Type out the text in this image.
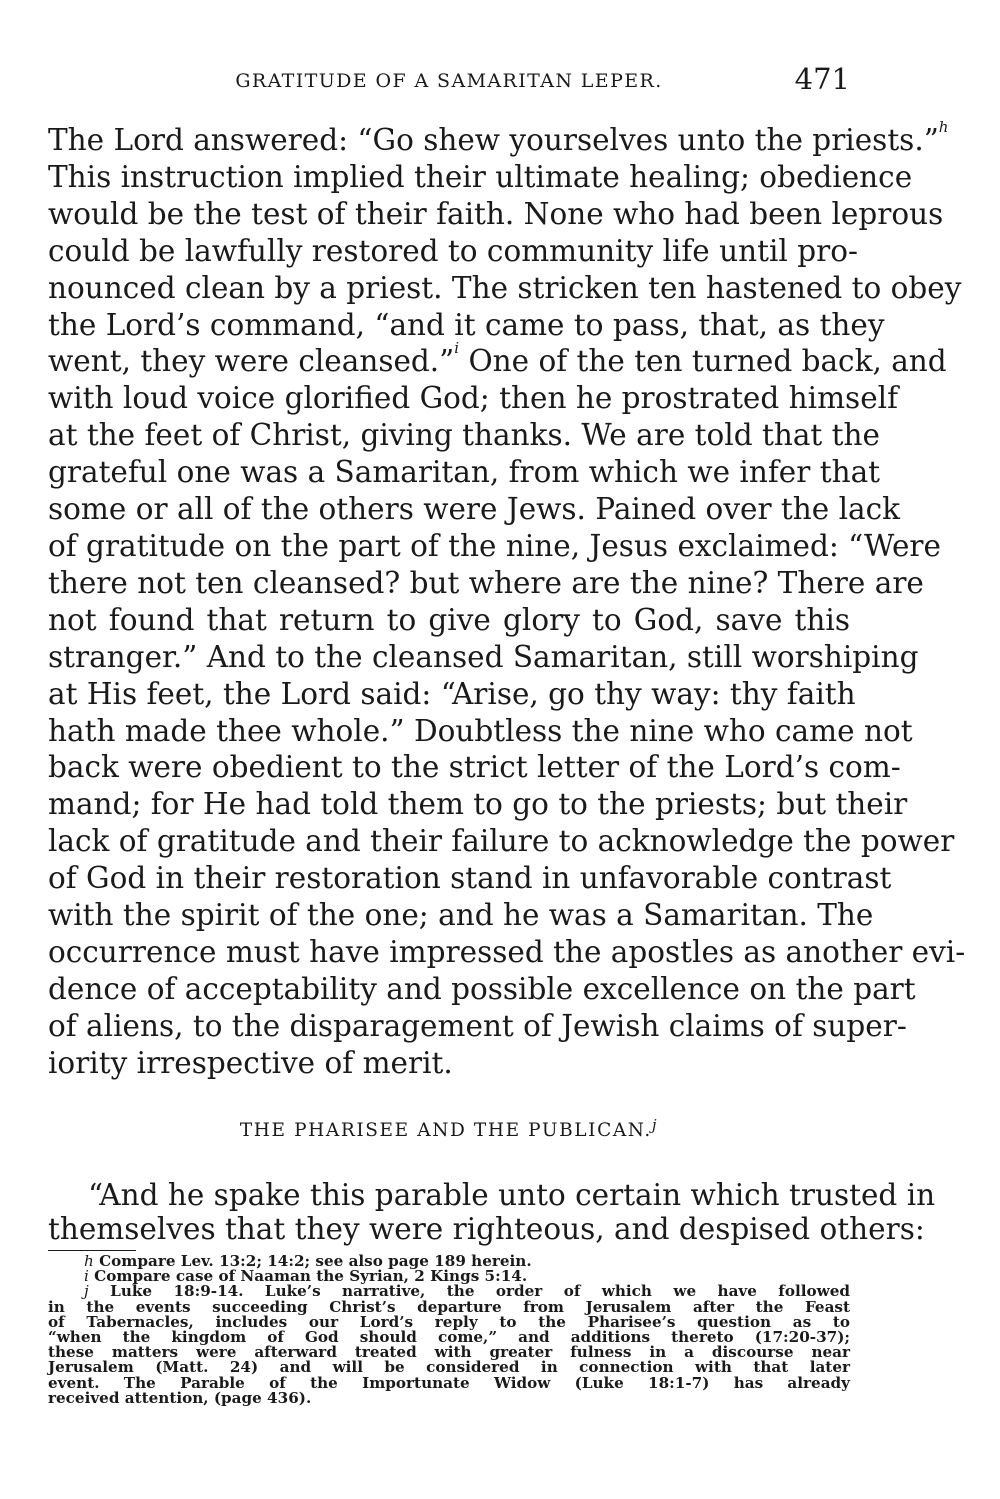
GRATITUDE OF A SAMARITAN LEPER.	471
The Lord answered: “Go shew yourselves unto the priests.”$^h$
This instruction implied their ultimate healing; obedience
would be the test of their faith. None who had been leprous
could be lawfully restored to community life until pro-
nounced clean by a priest. The stricken ten hastened to obey
the Lord’s command, “and it came to pass, that, as they
went, they were cleansed.”$^i$ One of the ten turned back, and
with loud voice glorified God; then he prostrated himself
at the feet of Christ, giving thanks. We are told that the
grateful one was a Samaritan, from which we infer that
some or all of the others were Jews. Pained over the lack
of gratitude on the part of the nine, Jesus exclaimed: “Were
there not ten cleansed? but where are the nine? There are
not found that return to give glory to God, save this
stranger.” And to the cleansed Samaritan, still worshiping
at His feet, the Lord said: “Arise, go thy way: thy faith
hath made thee whole.” Doubtless the nine who came not
back were obedient to the strict letter of the Lord’s com-
mand; for He had told them to go to the priests; but their
lack of gratitude and their failure to acknowledge the power
of God in their restoration stand in unfavorable contrast
with the spirit of the one; and he was a Samaritan. The
occurrence must have impressed the apostles as another evi-
dence of acceptability and possible excellence on the part
of aliens, to the disparagement of Jewish claims of super-
iority irrespective of merit.
THE PHARISEE AND THE PUBLICAN.$^j$
“And he spake this parable unto certain which trusted in
themselves that they were righteous, and despised others:
h Compare Lev. 13:2; 14:2; see also page 189 herein.
i Compare case of Naaman the Syrian, 2 Kings 5:14.
j Luke 18:9-14. Luke’s narrative, the order of which we have followed
in the events succeeding Christ’s departure from Jerusalem after the Feast
of Tabernacles, includes our Lord’s reply to the Pharisee’s question as to
“when the kingdom of God should come,” and additions thereto (17:20-37);
these matters were afterward treated with greater fulness in a discourse near
Jerusalem (Matt. 24) and will be considered in connection with that later
event. The Parable of the Importunate Widow (Luke 18:1-7) has already
received attention, (page 436).
